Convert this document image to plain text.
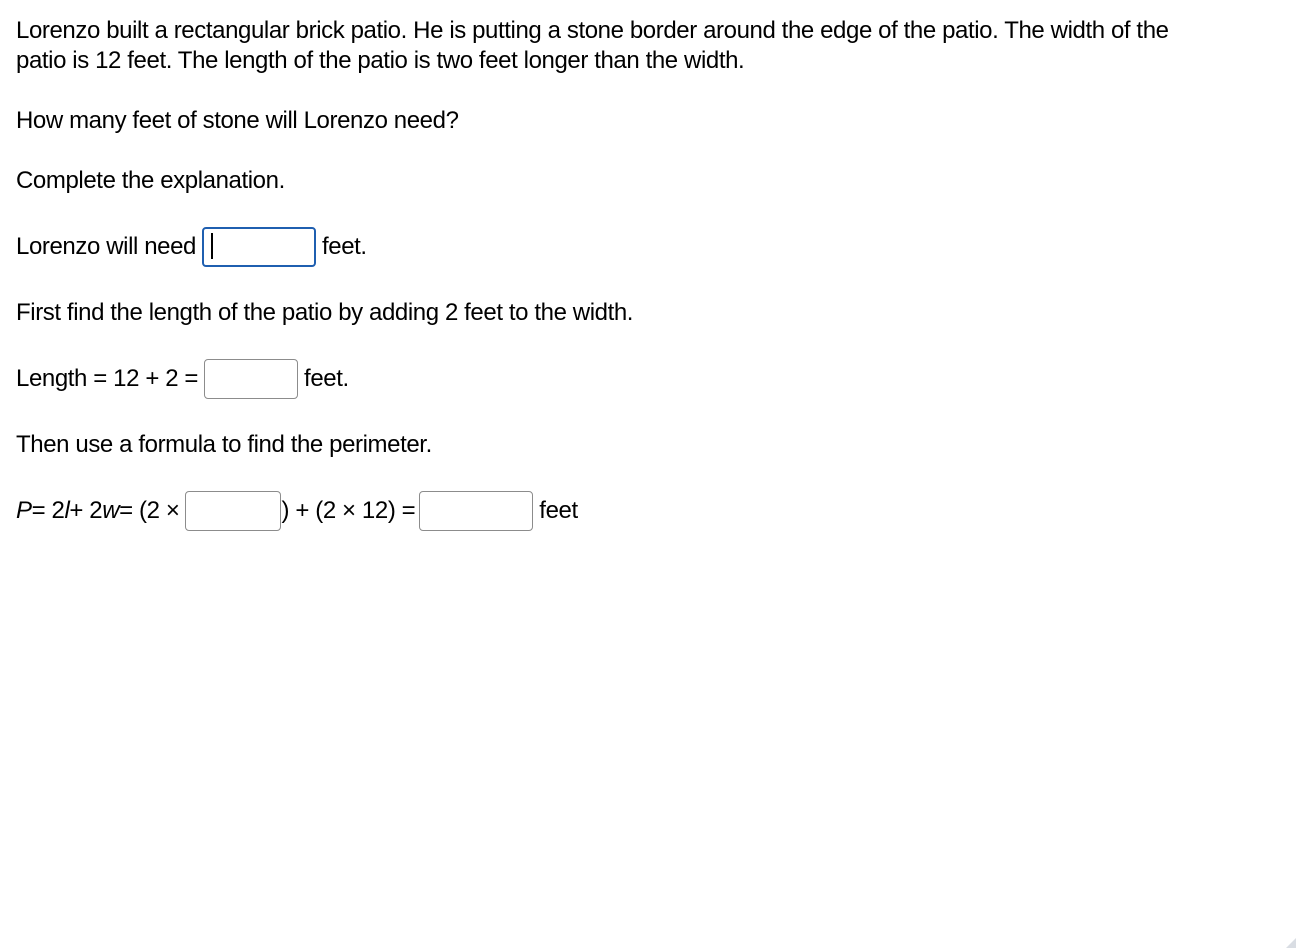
Lorenzo built a rectangular brick patio. He is putting a stone border around the edge of the patio. The width of the patio is 12 feet. The length of the patio is two feet longer than the width.
How many feet of stone will Lorenzo need?
Complete the explanation.
Lorenzo will need	feet.
First find the length of the patio by adding 2 feet to the width.
Length = 12 + 2 =	feet.
Then use a formula to find the perimeter.
P = 2 l + 2 w = (2 ×	) + (2 × 12) =	feet
